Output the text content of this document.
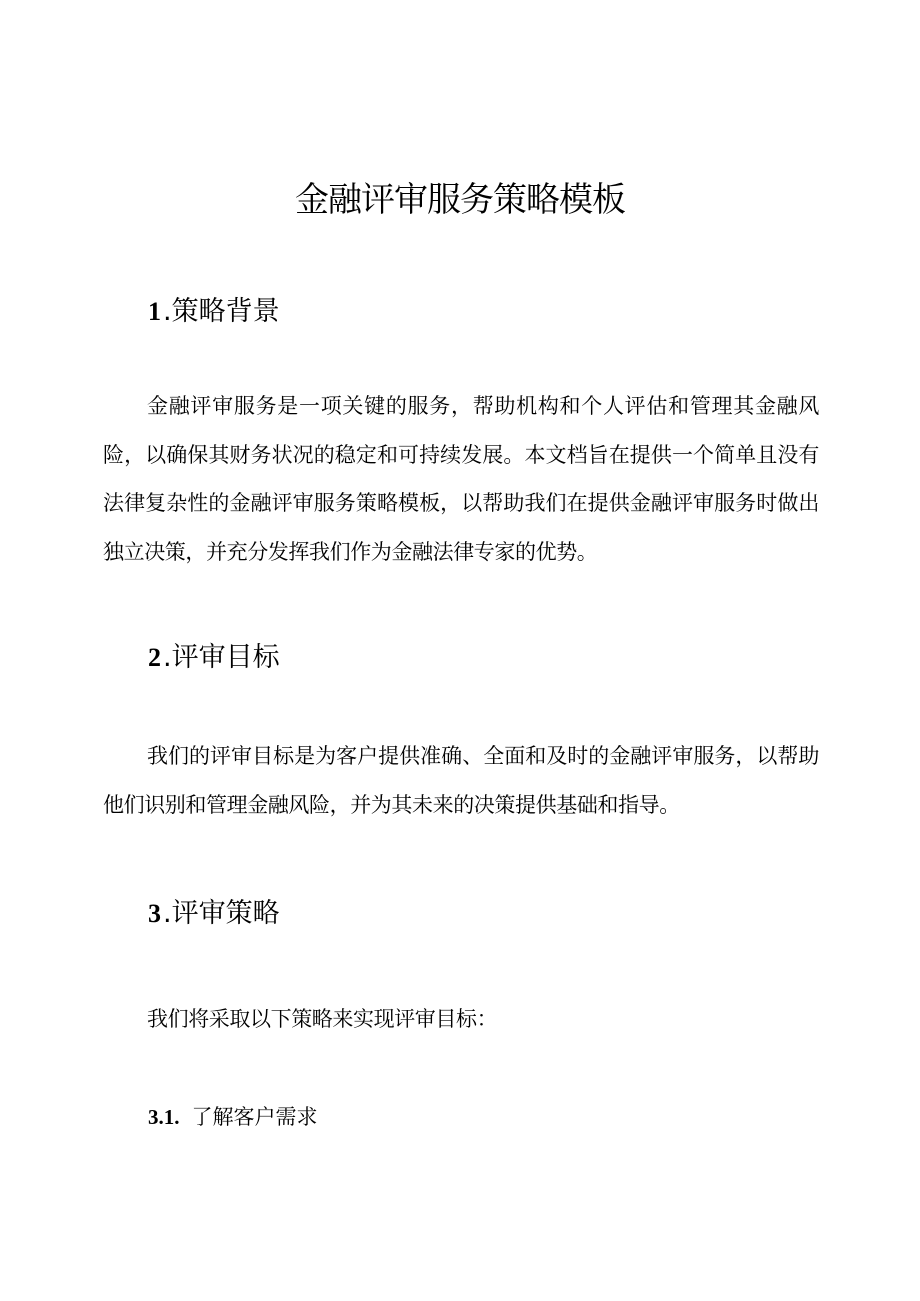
金融评审服务策略模板
1.策略背景

金融评审服务是一项关键的服务，帮助机构和个人评估和管理其金融风险，以确保其财务状况的稳定和可持续发展。本文档旨在提供一个简单且没有法律复杂性的金融评审服务策略模板，以帮助我们在提供金融评审服务时做出独立决策，并充分发挥我们作为金融法律专家的优势。

2.评审目标

我们的评审目标是为客户提供准确、全面和及时的金融评审服务，以帮助他们识别和管理金融风险，并为其未来的决策提供基础和指导。

3.评审策略

我们将采取以下策略来实现评审目标：

3.1. 了解客户需求
